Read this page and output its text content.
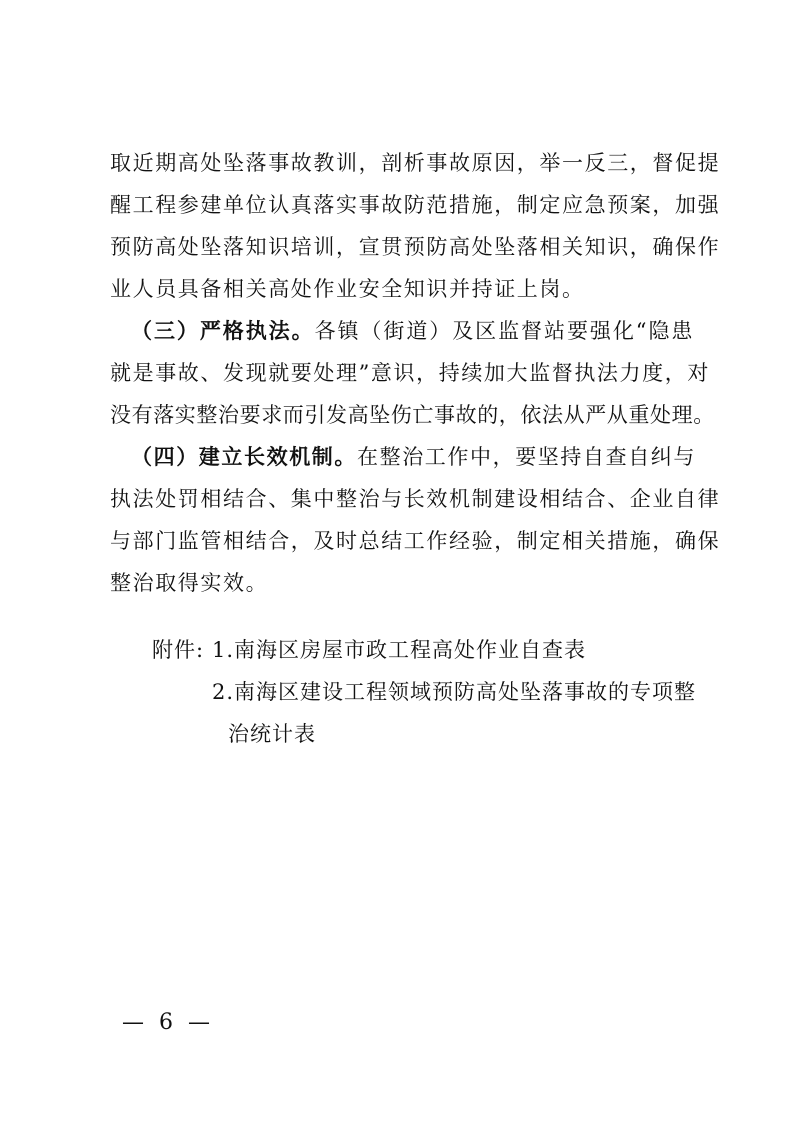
取近期高处坠落事故教训，剖析事故原因，举一反三，督促提
醒工程参建单位认真落实事故防范措施，制定应急预案，加强
预防高处坠落知识培训，宣贯预防高处坠落相关知识，确保作
业人员具备相关高处作业安全知识并持证上岗。
（三）严格执法。各镇（街道）及区监督站要强化“隐患
就是事故、发现就要处理”意识，持续加大监督执法力度，对
没有落实整治要求而引发高坠伤亡事故的，依法从严从重处理。
（四）建立长效机制。在整治工作中，要坚持自查自纠与
执法处罚相结合、集中整治与长效机制建设相结合、企业自律
与部门监管相结合，及时总结工作经验，制定相关措施，确保
整治取得实效。
附件: 1.南海区房屋市政工程高处作业自查表
2.南海区建设工程领域预防高处坠落事故的专项整
治统计表
— 6 —
